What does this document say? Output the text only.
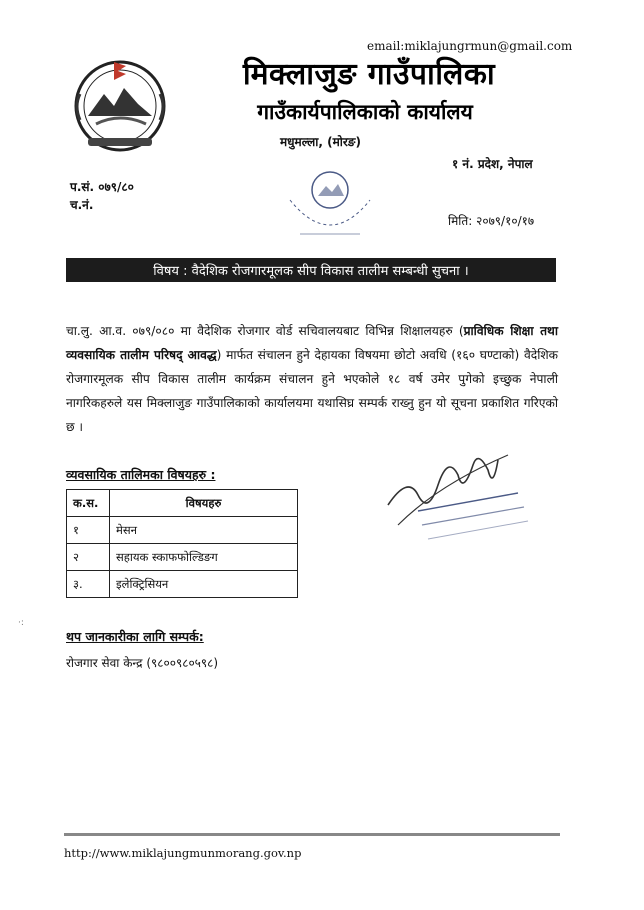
email:miklajungrmun@gmail.com
मिक्लाजुङ गाउँपालिका
गाउँकार्यपालिकाको कार्यालय
मधुमल्ला, (मोरङ)
१ नं. प्रदेश, नेपाल
प.सं. ०७९/८०
च.नं.
मिति: २०७९/१०/१७
विषय : वैदेशिक रोजगारमूलक सीप विकास तालीम सम्बन्धी सुचना ।

चा.लु. आ.व. ०७९/०८० मा वैदेशिक रोजगार वोर्ड सचिवालयबाट विभिन्न शिक्षालयहरु (प्राविधिक शिक्षा तथा व्यवसायिक तालीम परिषद् आवद्ध) मार्फत संचालन हुने देहायका विषयमा छोटो अवधि (१६० घण्टाको) वैदेशिक रोजगारमूलक सीप विकास तालीम कार्यक्रम संचालन हुने भएकोले १८ वर्ष उमेर पुगेको इच्छुक नेपाली नागरिकहरुले यस मिक्लाजुङ गाउँपालिकाको कार्यालयमा यथासिघ्र सम्पर्क राख्नु हुन यो सूचना प्रकाशित गरिएको छ ।

व्यवसायिक तालिमका विषयहरु :
क.स.	विषयहरु
१	मेसन
२	सहायक स्काफफोल्डिङग
३.	इलेक्ट्रिसियन
·:
थप जानकारीका लागि सम्पर्क:
रोजगार सेवा केन्द्र (९८००९८०५९८)
http://www.miklajungmunmorang.gov.np
